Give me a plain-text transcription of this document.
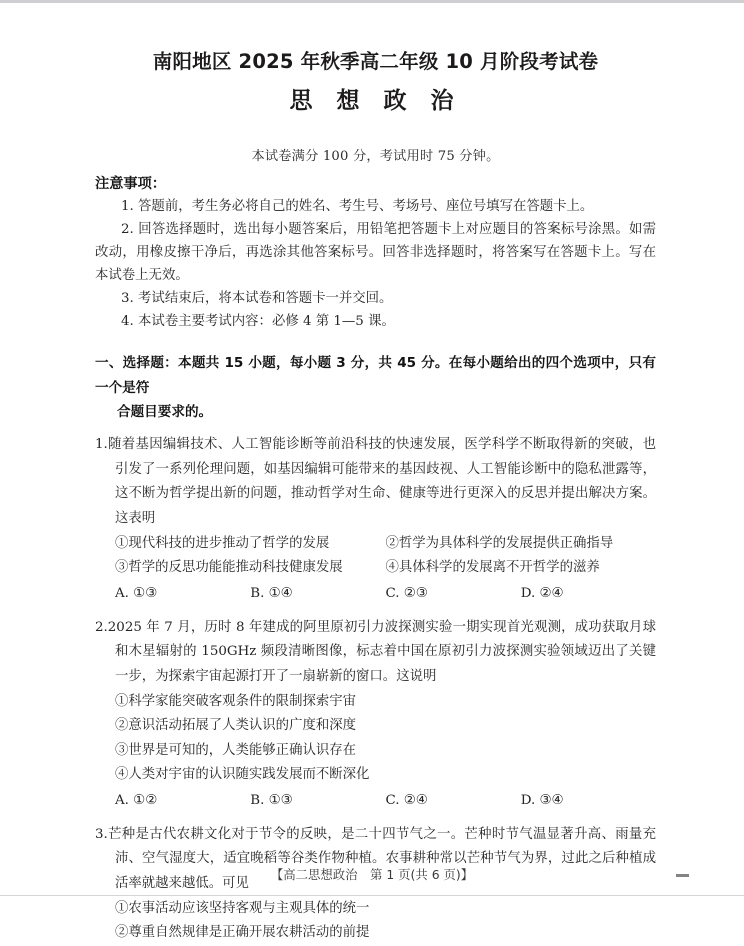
南阳地区 2025 年秋季高二年级 10 月阶段考试卷
思 想 政 治

本试卷满分 100 分，考试用时 75 分钟。

注意事项：
1. 答题前，考生务必将自己的姓名、考生号、考场号、座位号填写在答题卡上。
2. 回答选择题时，选出每小题答案后，用铅笔把答题卡上对应题目的答案标号涂黑。如需改动，用橡皮擦干净后，再选涂其他答案标号。回答非选择题时，将答案写在答题卡上。写在本试卷上无效。
3. 考试结束后，将本试卷和答题卡一并交回。
4. 本试卷主要考试内容：必修 4 第 1—5 课。
一、选择题：本题共 15 小题，每小题 3 分，共 45 分。在每小题给出的四个选项中，只有一个是符
合题目要求的。
1.随着基因编辑技术、人工智能诊断等前沿科技的快速发展，医学科学不断取得新的突破，也引发了一系列伦理问题，如基因编辑可能带来的基因歧视、人工智能诊断中的隐私泄露等，这不断为哲学提出新的问题，推动哲学对生命、健康等进行更深入的反思并提出解决方案。这表明
①现代科技的进步推动了哲学的发展	②哲学为具体科学的发展提供正确指导
③哲学的反思功能能推动科技健康发展	④具体科学的发展离不开哲学的滋养
A. ①③	B. ①④	C. ②③	D. ②④
2.2025 年 7 月，历时 8 年建成的阿里原初引力波探测实验一期实现首光观测，成功获取月球和木星辐射的 150GHz 频段清晰图像，标志着中国在原初引力波探测实验领域迈出了关键一步，为探索宇宙起源打开了一扇崭新的窗口。这说明
①科学家能突破客观条件的限制探索宇宙
②意识活动拓展了人类认识的广度和深度
③世界是可知的，人类能够正确认识存在
④人类对宇宙的认识随实践发展而不断深化
A. ①②	B. ①③	C. ②④	D. ③④
3.芒种是古代农耕文化对于节令的反映，是二十四节气之一。芒种时节气温显著升高、雨量充沛、空气湿度大，适宜晚稻等谷类作物种植。农事耕种常以芒种节气为界，过此之后种植成活率就越来越低。可见
①农事活动应该坚持客观与主观具体的统一
②尊重自然规律是正确开展农耕活动的前提
【高二思想政治　第 1 页(共 6 页)】
